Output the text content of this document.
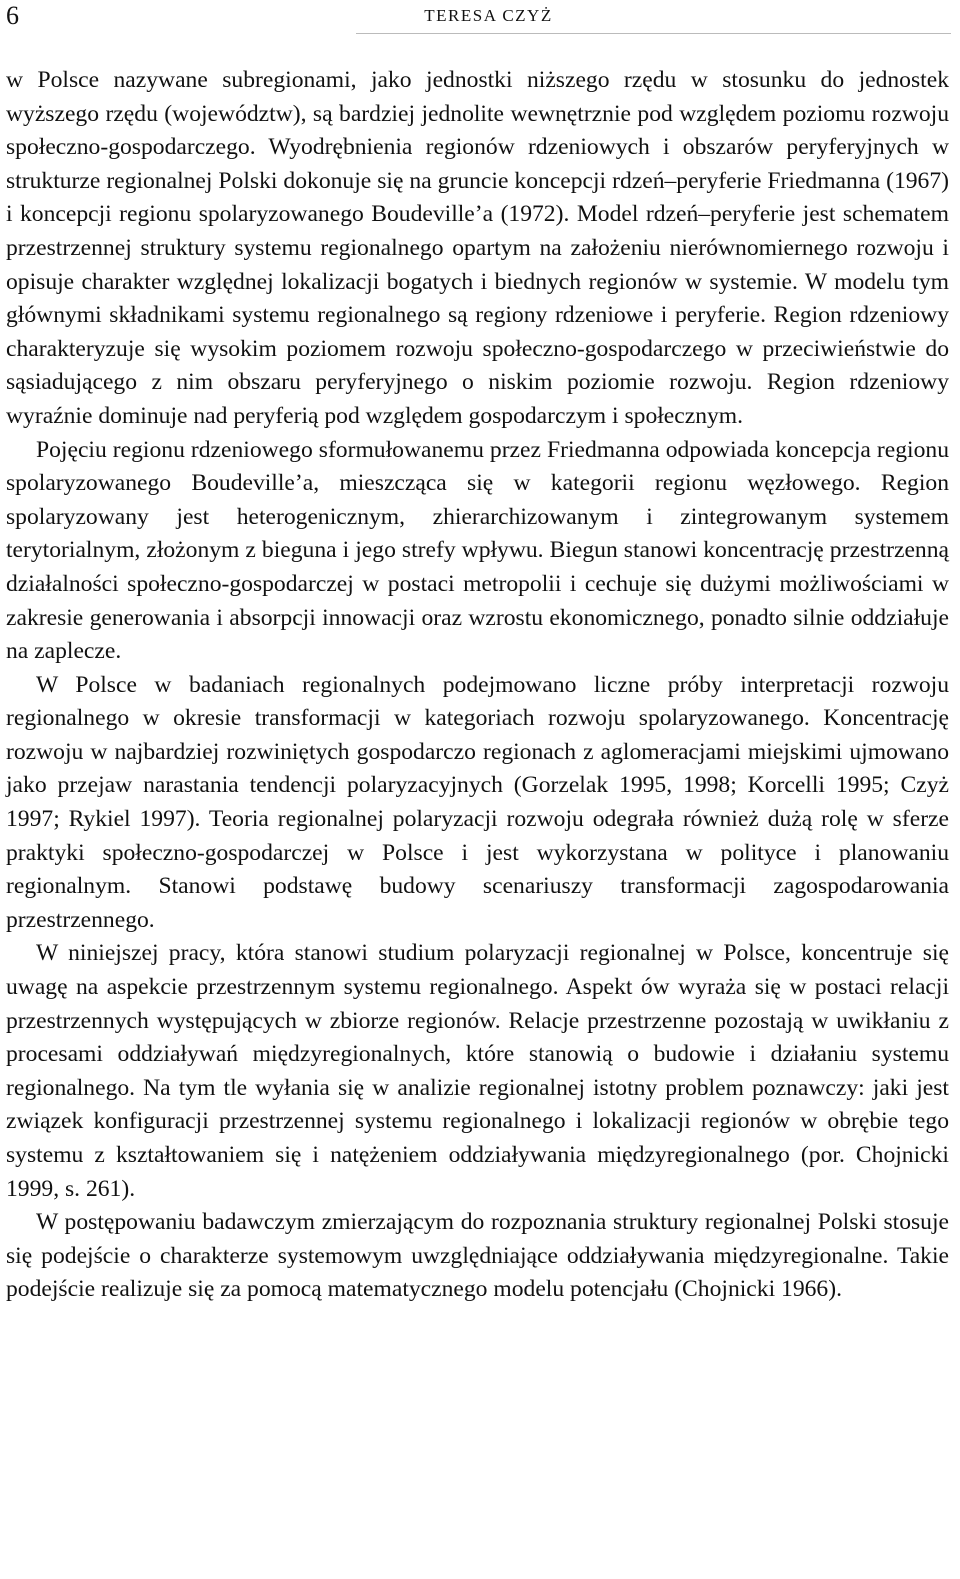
6	TERESA CZYŻ

w Polsce nazywane subregionami, jako jednostki niższego rzędu w stosunku do jednostek wyższego rzędu (województw), są bardziej jednolite wewnętrznie pod względem poziomu rozwoju społeczno-gospodarczego. Wyodrębnienia regionów rdzeniowych i obszarów peryferyjnych w strukturze regionalnej Polski dokonuje się na gruncie koncepcji rdzeń–peryferie Friedmanna (1967) i koncepcji regionu spolaryzowanego Boudeville’a (1972). Model rdzeń–peryferie jest schematem przestrzennej struktury systemu regionalnego opartym na założeniu nierównomiernego rozwoju i opisuje charakter względnej lokalizacji bogatych i biednych regionów w systemie. W modelu tym głównymi składnikami systemu regionalnego są regiony rdzeniowe i peryferie. Region rdzeniowy charakteryzuje się wysokim poziomem rozwoju społeczno-gospodarczego w przeciwieństwie do sąsiadującego z nim obszaru peryferyjnego o niskim poziomie rozwoju. Region rdzeniowy wyraźnie dominuje nad peryferią pod względem gospodarczym i społecznym.

Pojęciu regionu rdzeniowego sformułowanemu przez Friedmanna odpowiada koncepcja regionu spolaryzowanego Boudeville’a, mieszcząca się w kategorii regionu węzłowego. Region spolaryzowany jest heterogenicznym, zhierarchizowanym i zintegrowanym systemem terytorialnym, złożonym z bieguna i jego strefy wpływu. Biegun stanowi koncentrację przestrzenną działalności społeczno-gospodarczej w postaci metropolii i cechuje się dużymi możliwościami w zakresie generowania i absorpcji innowacji oraz wzrostu ekonomicznego, ponadto silnie oddziałuje na zaplecze.

W Polsce w badaniach regionalnych podejmowano liczne próby interpretacji rozwoju regionalnego w okresie transformacji w kategoriach rozwoju spolaryzowanego. Koncentrację rozwoju w najbardziej rozwiniętych gospodarczo regionach z aglomeracjami miejskimi ujmowano jako przejaw narastania tendencji polaryzacyjnych (Gorzelak 1995, 1998; Korcelli 1995; Czyż 1997; Rykiel 1997). Teoria regionalnej polaryzacji rozwoju odegrała również dużą rolę w sferze praktyki społeczno-gospodarczej w Polsce i jest wykorzystana w polityce i planowaniu regionalnym. Stanowi podstawę budowy scenariuszy transformacji zagospodarowania przestrzennego.

W niniejszej pracy, która stanowi studium polaryzacji regionalnej w Polsce, koncentruje się uwagę na aspekcie przestrzennym systemu regionalnego. Aspekt ów wyraża się w postaci relacji przestrzennych występujących w zbiorze regionów. Relacje przestrzenne pozostają w uwikłaniu z procesami oddziaływań międzyregionalnych, które stanowią o budowie i działaniu systemu regionalnego. Na tym tle wyłania się w analizie regionalnej istotny problem poznawczy: jaki jest związek konfiguracji przestrzennej systemu regionalnego i lokalizacji regionów w obrębie tego systemu z kształtowaniem się i natężeniem oddziaływania międzyregionalnego (por. Chojnicki 1999, s. 261).

W postępowaniu badawczym zmierzającym do rozpoznania struktury regionalnej Polski stosuje się podejście o charakterze systemowym uwzględniające oddziaływania międzyregionalne. Takie podejście realizuje się za pomocą matematycznego modelu potencjału (Chojnicki 1966).
